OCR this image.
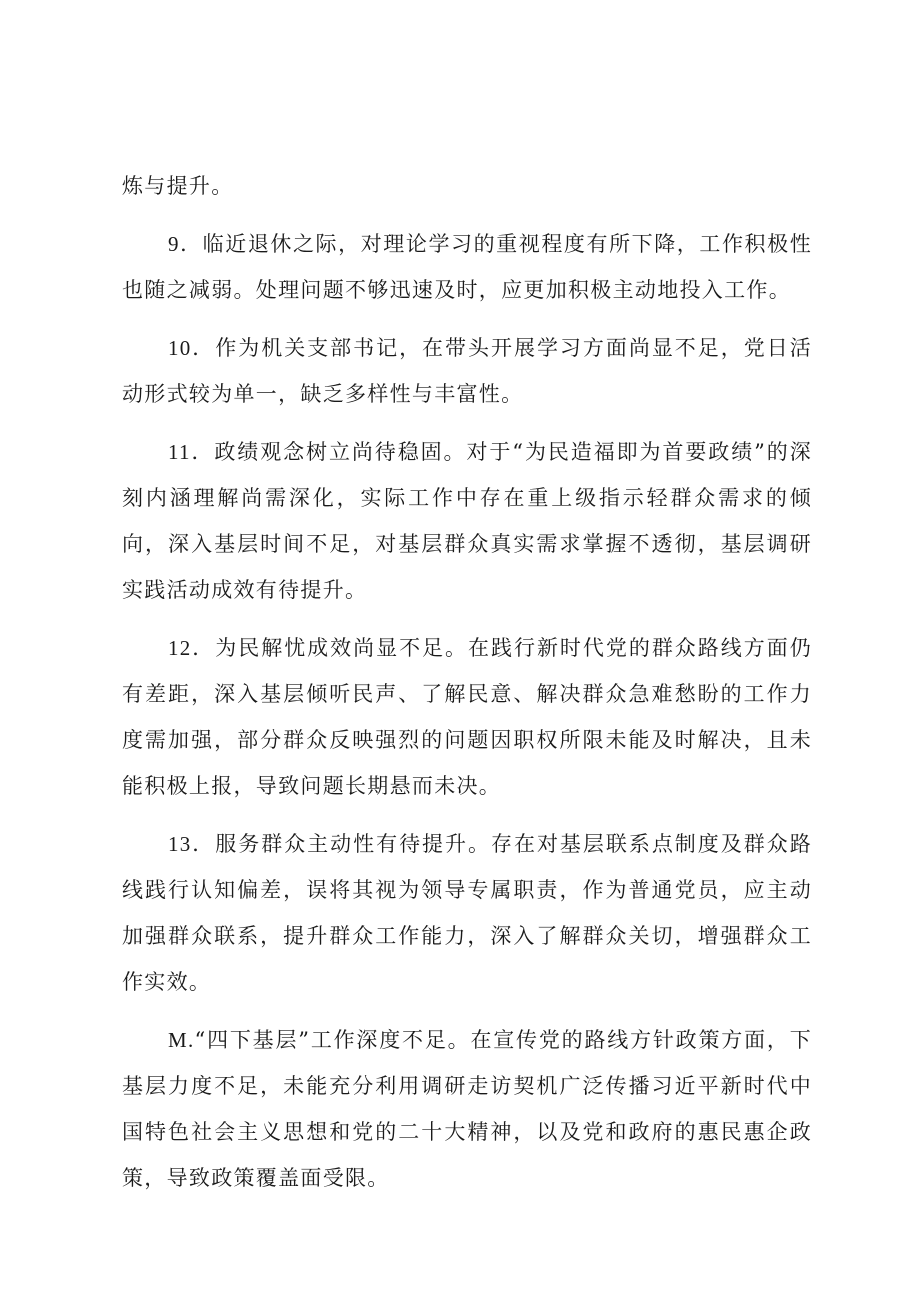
炼与提升。

9．临近退休之际，对理论学习的重视程度有所下降，工作积极性也随之减弱。处理问题不够迅速及时，应更加积极主动地投入工作。

10．作为机关支部书记，在带头开展学习方面尚显不足，党日活动形式较为单一，缺乏多样性与丰富性。

11．政绩观念树立尚待稳固。对于“为民造福即为首要政绩”的深刻内涵理解尚需深化，实际工作中存在重上级指示轻群众需求的倾向，深入基层时间不足，对基层群众真实需求掌握不透彻，基层调研实践活动成效有待提升。

12．为民解忧成效尚显不足。在践行新时代党的群众路线方面仍有差距，深入基层倾听民声、了解民意、解决群众急难愁盼的工作力度需加强，部分群众反映强烈的问题因职权所限未能及时解决，且未能积极上报，导致问题长期悬而未决。

13．服务群众主动性有待提升。存在对基层联系点制度及群众路线践行认知偏差，误将其视为领导专属职责，作为普通党员，应主动加强群众联系，提升群众工作能力，深入了解群众关切，增强群众工作实效。

M.“四下基层”工作深度不足。在宣传党的路线方针政策方面，下基层力度不足，未能充分利用调研走访契机广泛传播习近平新时代中国特色社会主义思想和党的二十大精神，以及党和政府的惠民惠企政策，导致政策覆盖面受限。
